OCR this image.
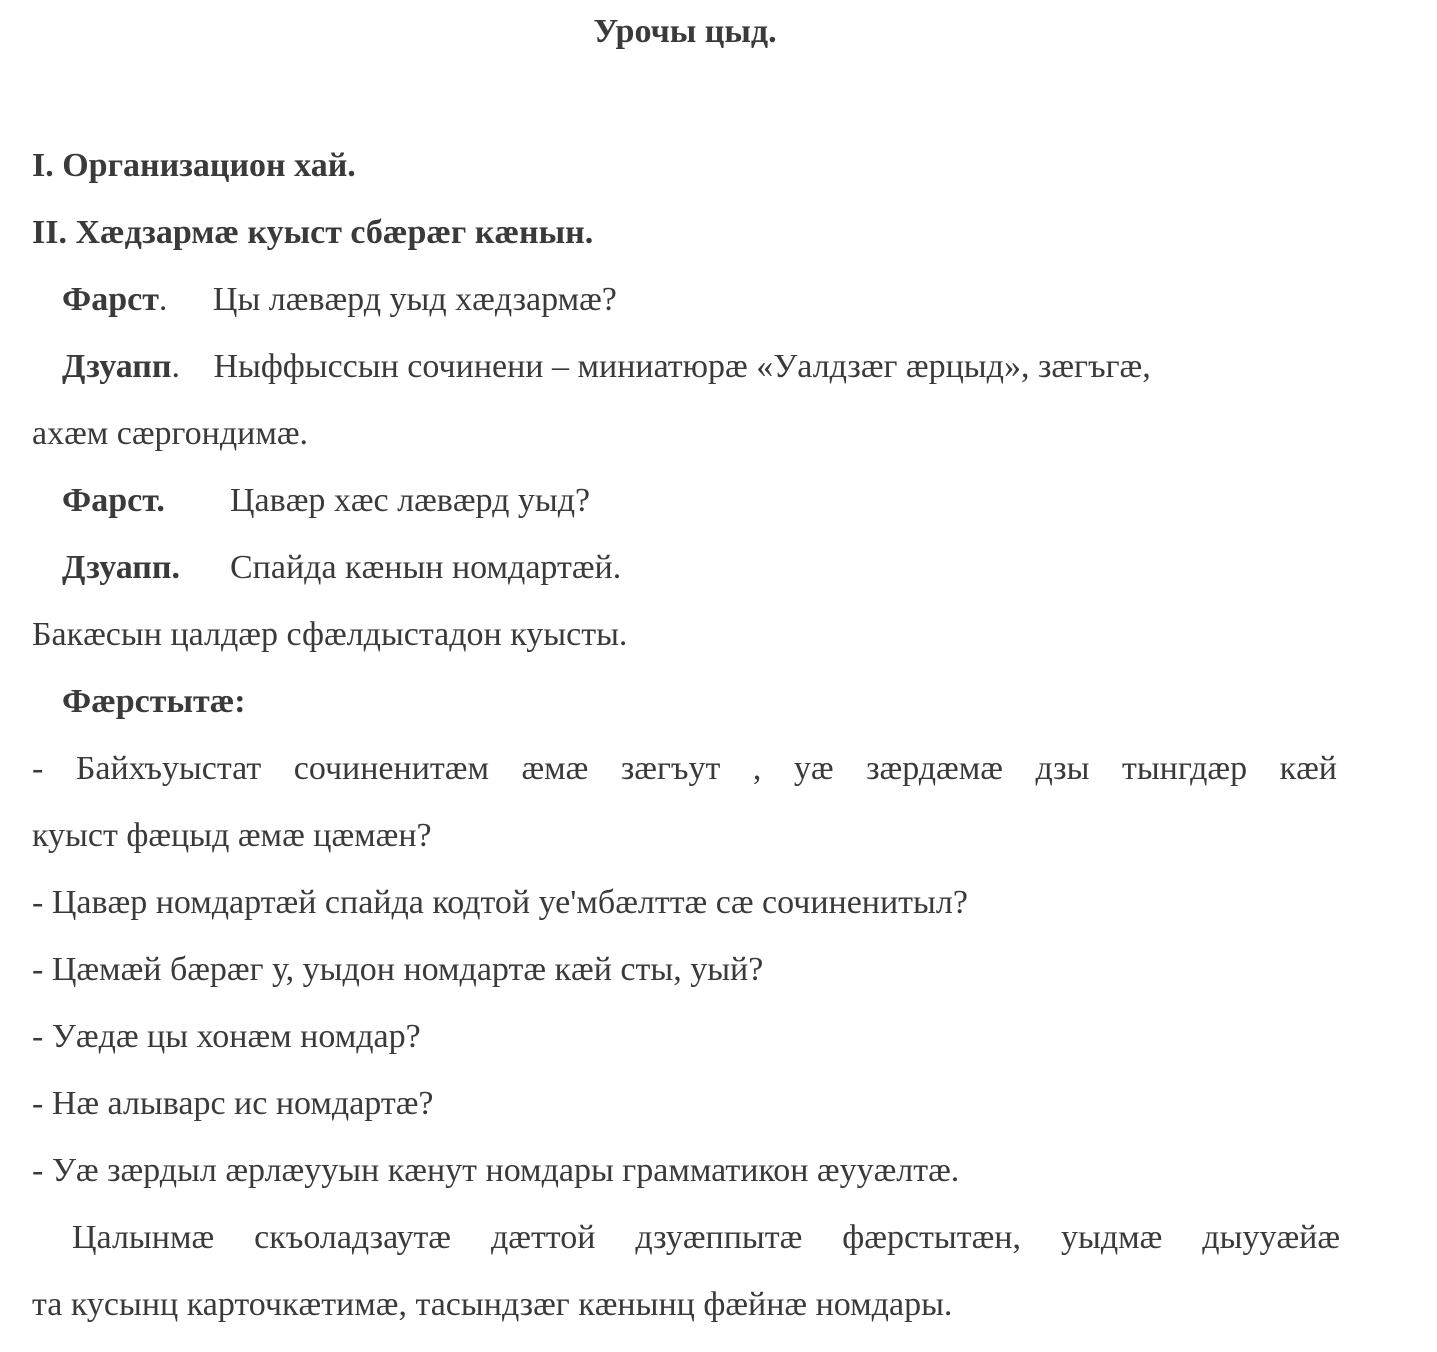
Урочы цыд.
I. Организацион хай.
II. Хæдзармæ куыст сбæрæг кæнын.
Фарст. Цы лæвæрд уыд хæдзармæ?
Дзуапп. Ныффыссын сочинени – миниатюрæ «Уалдзæг æрцыд», зæгъгæ,
ахæм сæргондимæ.
Фарст. Цавæр хæс лæвæрд уыд?
Дзуапп. Спайда кæнын номдартæй.
Бакæсын цалдæр сфæлдыстадон куысты.
Фæрстытæ:
- Байхъуыстат сочиненитæм æмæ зæгъут , уæ зæрдæмæ дзы тынгдæр кæй
куыст фæцыд æмæ цæмæн?
- Цавæр номдартæй спайда кодтой уе'мбæлттæ сæ сочиненитыл?
- Цæмæй бæрæг у, уыдон номдартæ кæй сты, уый?
- Уæдæ цы хонæм номдар?
- Нæ алыварс ис номдартæ?
- Уæ зæрдыл æрлæууын кæнут номдары грамматикон æууæлтæ.
Цалынмæ скъоладзаутæ дæттой дзуæппытæ фæрстытæн, уыдмæ дыууæйæ
та кусынц карточкæтимæ, тасындзæг кæнынц фæйнæ номдары.
